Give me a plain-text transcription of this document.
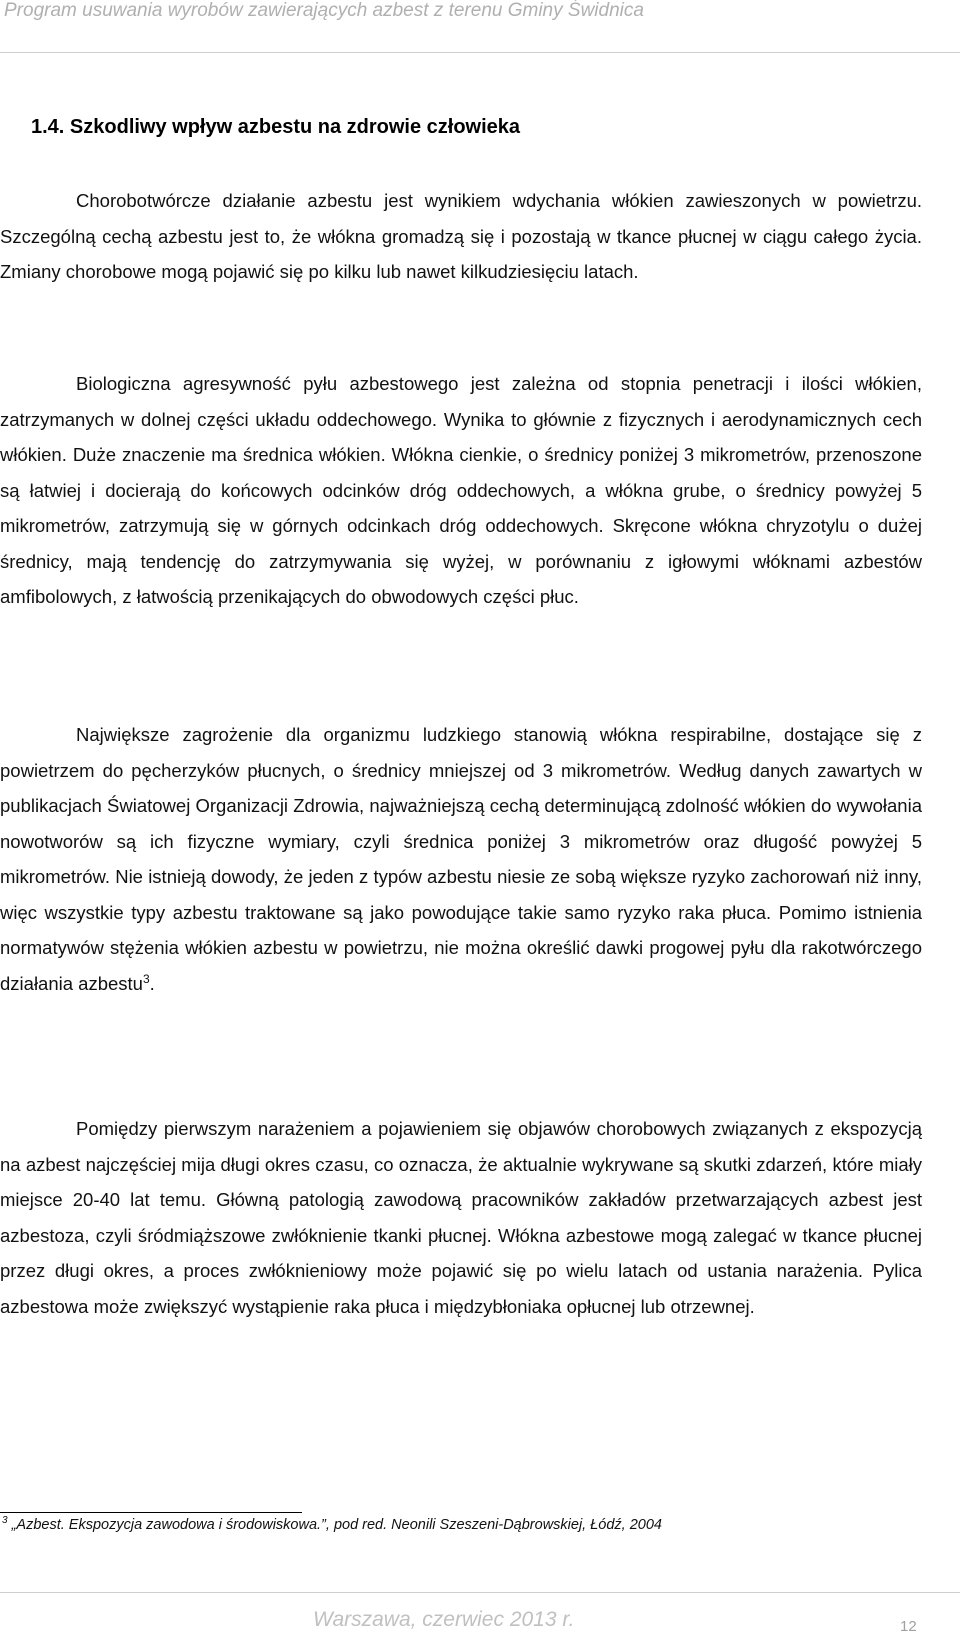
Program usuwania wyrobów zawierających azbest z terenu Gminy Świdnica
1.4. Szkodliwy wpływ azbestu na zdrowie człowieka

Chorobotwórcze działanie azbestu jest wynikiem wdychania włókien zawieszonych w powietrzu. Szczególną cechą azbestu jest to, że włókna gromadzą się i pozostają w tkance płucnej w ciągu całego życia. Zmiany chorobowe mogą pojawić się po kilku lub nawet kilkudziesięciu latach.

Biologiczna agresywność pyłu azbestowego jest zależna od stopnia penetracji i ilości włókien, zatrzymanych w dolnej części układu oddechowego. Wynika to głównie z fizycznych i aerodynamicznych cech włókien. Duże znaczenie ma średnica włókien. Włókna cienkie, o średnicy poniżej 3 mikrometrów, przenoszone są łatwiej i docierają do końcowych odcinków dróg oddechowych, a włókna grube, o średnicy powyżej 5 mikrometrów, zatrzymują się w górnych odcinkach dróg oddechowych. Skręcone włókna chryzotylu o dużej średnicy, mają tendencję do zatrzymywania się wyżej, w porównaniu z igłowymi włóknami azbestów amfibolowych, z łatwością przenikających do obwodowych części płuc.

Największe zagrożenie dla organizmu ludzkiego stanowią włókna respirabilne, dostające się z powietrzem do pęcherzyków płucnych, o średnicy mniejszej od 3 mikrometrów. Według danych zawartych w publikacjach Światowej Organizacji Zdrowia, najważniejszą cechą determinującą zdolność włókien do wywołania nowotworów są ich fizyczne wymiary, czyli średnica poniżej 3 mikrometrów oraz długość powyżej 5 mikrometrów. Nie istnieją dowody, że jeden z typów azbestu niesie ze sobą większe ryzyko zachorowań niż inny, więc wszystkie typy azbestu traktowane są jako powodujące takie samo ryzyko raka płuca. Pomimo istnienia normatywów stężenia włókien azbestu w powietrzu, nie można określić dawki progowej pyłu dla rakotwórczego działania azbestu$^3$.

Pomiędzy pierwszym narażeniem a pojawieniem się objawów chorobowych związanych z ekspozycją na azbest najczęściej mija długi okres czasu, co oznacza, że aktualnie wykrywane są skutki zdarzeń, które miały miejsce 20-40 lat temu. Główną patologią zawodową pracowników zakładów przetwarzających azbest jest azbestoza, czyli śródmiąższowe zwłóknienie tkanki płucnej. Włókna azbestowe mogą zalegać w tkance płucnej przez długi okres, a proces zwłóknieniowy może pojawić się po wielu latach od ustania narażenia. Pylica azbestowa może zwiększyć wystąpienie raka płuca i międzybłoniaka opłucnej lub otrzewnej.

$^3$ „Azbest. Ekspozycja zawodowa i środowiskowa.”, pod red. Neonili Szeszeni-Dąbrowskiej, Łódź, 2004
Warszawa, czerwiec 2013 r.	12
